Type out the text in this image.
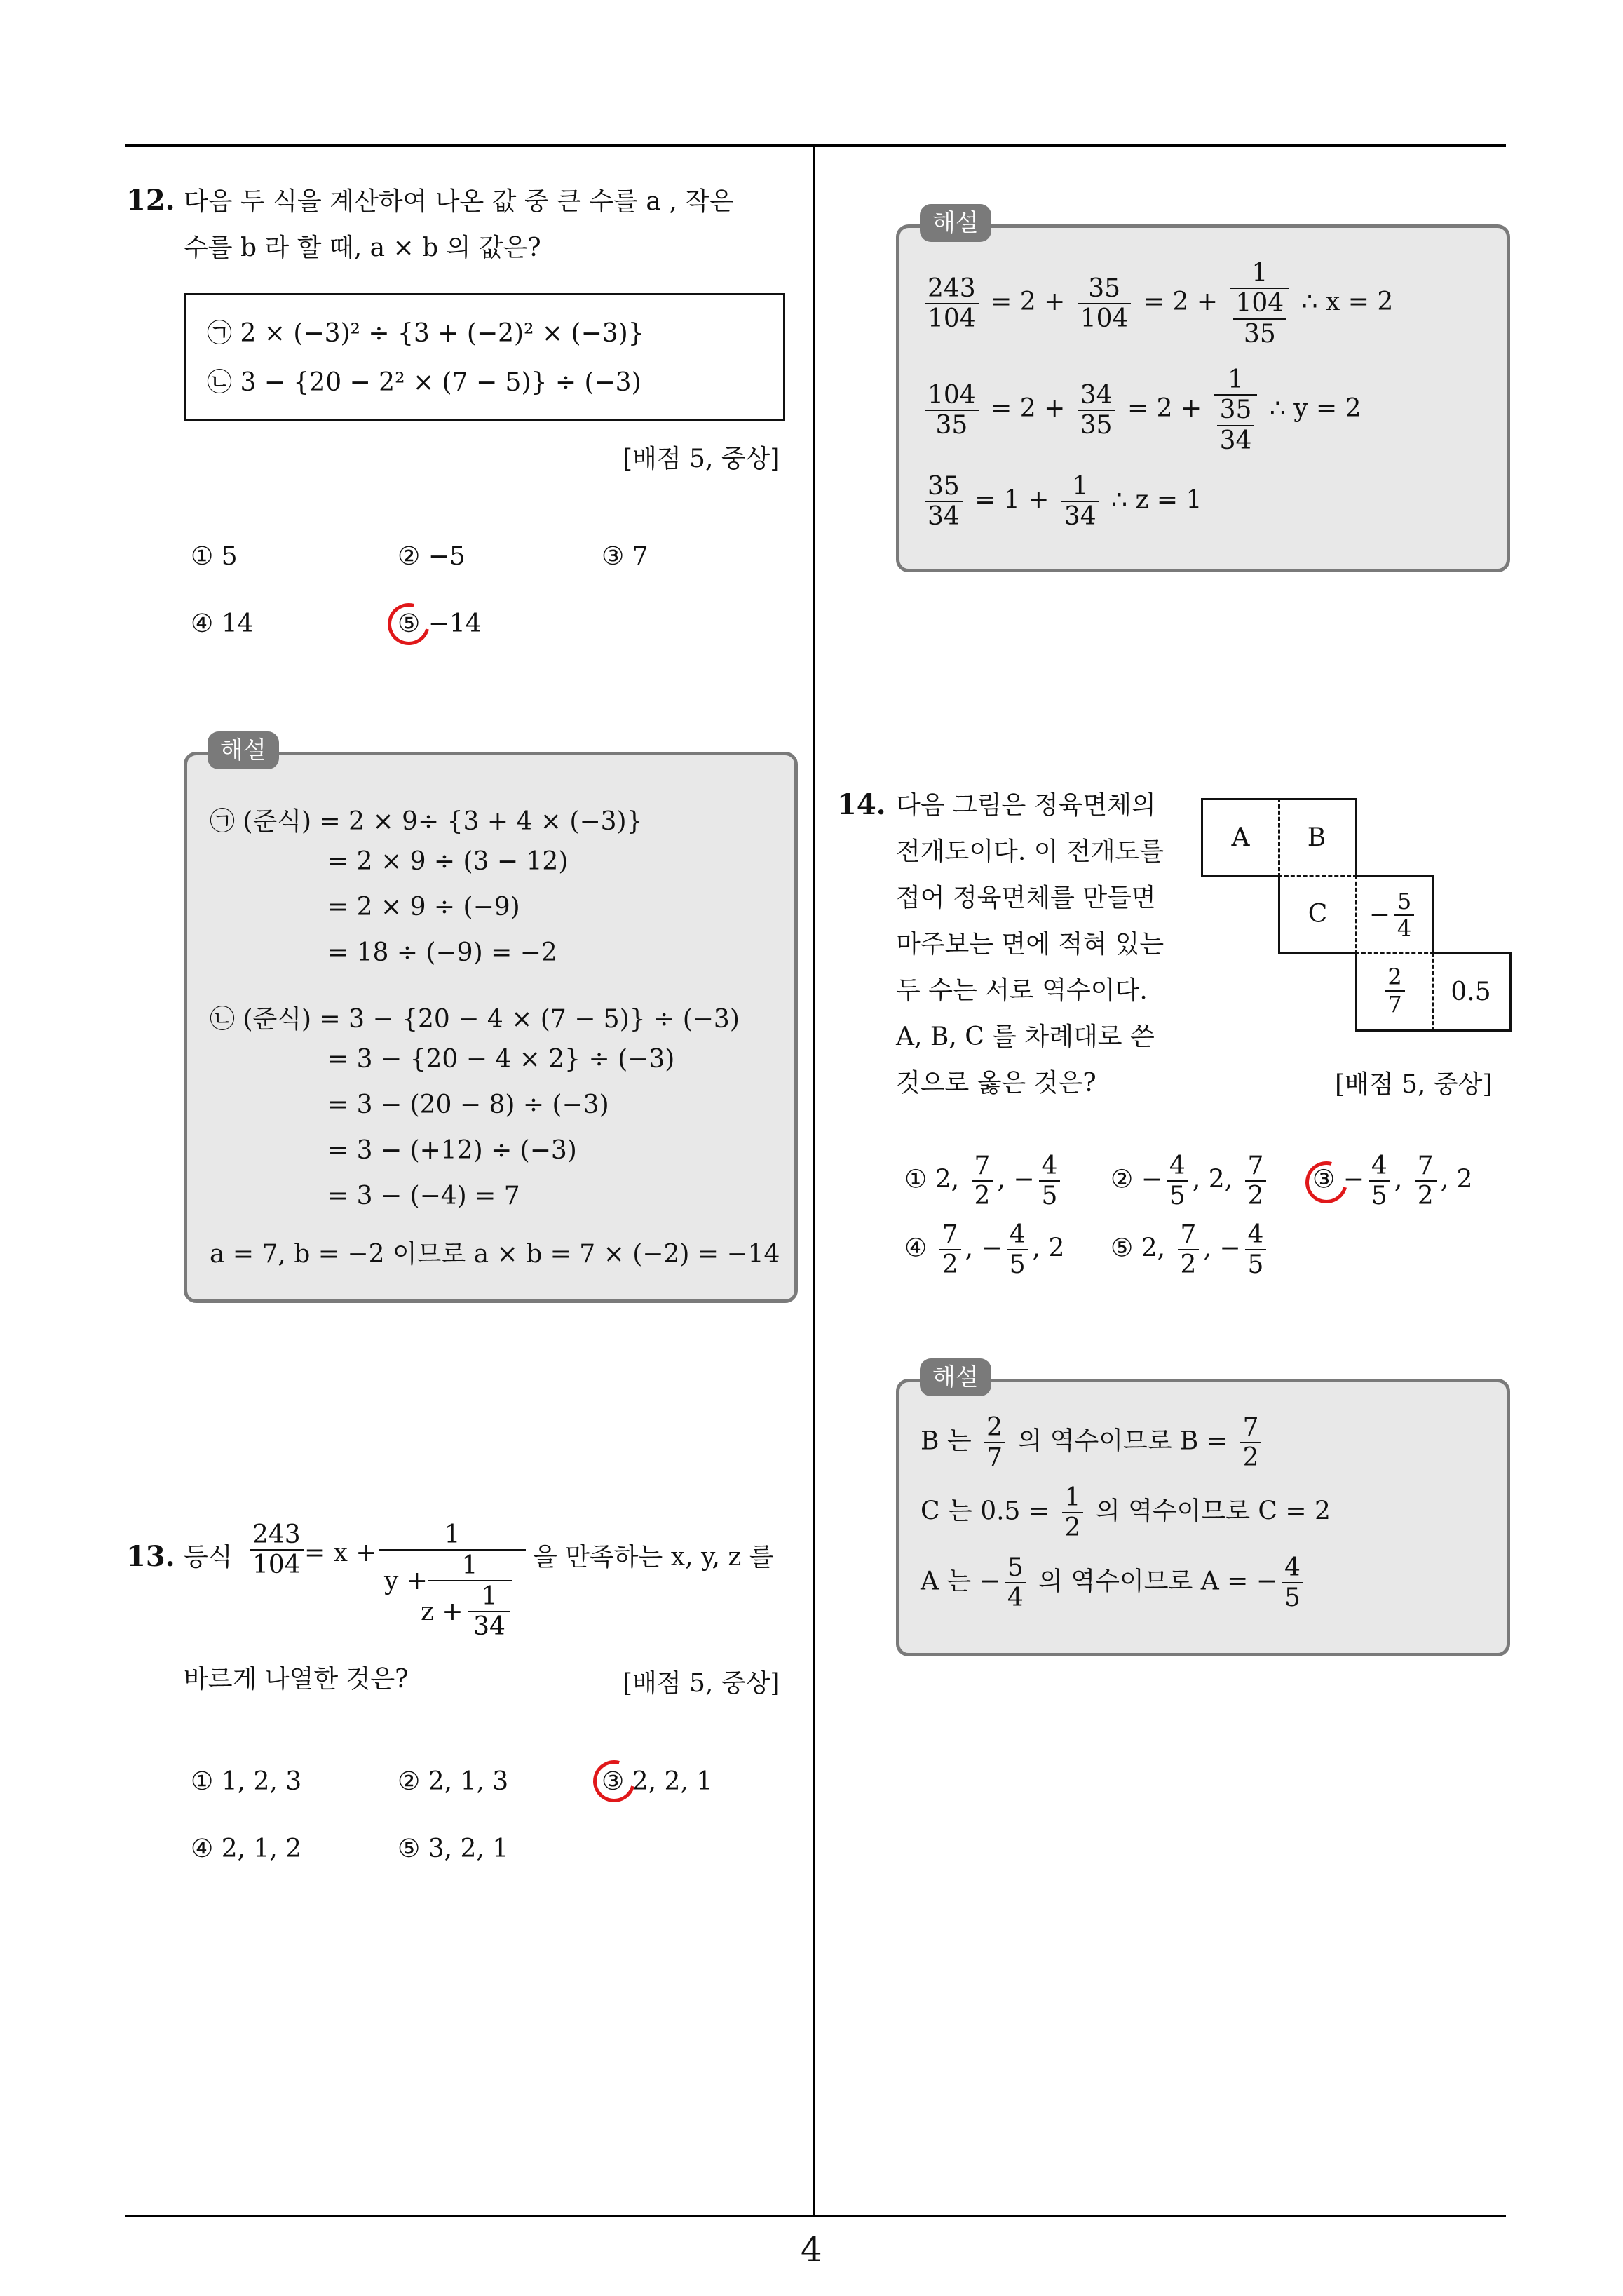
4
12. 다음 두 식을 계산하여 나온 값 중 큰 수를 a , 작은
수를 b 라 할 때, a × b 의 값은?
㉠ 2 × (−3)² ÷ {3 + (−2)² × (−3)}
㉡ 3 − {20 − 2² × (7 − 5)} ÷ (−3)
[배점 5, 중상]
① 5	② −5	③ 7
④ 14	⑤ −14
㉠ (준식) = 2 × 9÷ {3 + 4 × (−3)}
= 2 × 9 ÷ (3 − 12)
= 2 × 9 ÷ (−9)
= 18 ÷ (−9) = −2
㉡ (준식) = 3 − {20 − 4 × (7 − 5)} ÷ (−3)
= 3 − {20 − 4 × 2} ÷ (−3)
= 3 − (20 − 8) ÷ (−3)
= 3 − (+12) ÷ (−3)
= 3 − (−4) = 7
a = 7, b = −2 이므로 a × b = 7 × (−2) = −14
해설
13. 등식 $\frac{243}{104} = x$ +
1
y +
1
z +
1
34
을 만족하는 x, y, z 를
바르게 나열한 것은?	[배점 5, 중상]
① 1, 2, 3	② 2, 1, 3	③ 2, 2, 1
④ 2, 1, 2	⑤ 3, 2, 1
$\frac{243}{104} = 2 + \frac{35}{104} = 2 + \frac{1}{\frac{104}{35}}$ ∴ x = 2
$\frac{104}{35} = 2 + \frac{34}{35} = 2 + \frac{1}{\frac{35}{34}}$ ∴ y = 2
$\frac{35}{34} = 1 + \frac{1}{34}$ ∴ z = 1
해설
14. 다음 그림은 정육면체의
전개도이다. 이 전개도를
접어 정육면체를 만들면
마주보는 면에 적혀 있는
두 수는 서로 역수이다.
A, B, C 를 차례대로 쓴
것으로 옳은 것은?	[배점 5, 중상]
A B
$C - \frac{5}{4}$
$\frac{2}{7} 0.5$
① 2, $\frac{7}{2}$ , − $\frac{4}{5}$ ② − $\frac{4}{5}$ , 2, $\frac{7}{2}$ ③ − $\frac{4}{5}$ , $\frac{7}{2}$ , 2
④ $\frac{7}{2}$ , − $\frac{4}{5}$ , 2 ⑤ 2, $\frac{7}{2}$ , − $\frac{4}{5}$
B 는 $\frac{2}{7}$ 의 역수이므로 $B = \frac{7}{2}$
C 는 $0.5 = \frac{1}{2}$ 의 역수이므로 C = 2
A 는 − $\frac{5}{4}$ 의 역수이므로 A = − $\frac{4}{5}$
해설
